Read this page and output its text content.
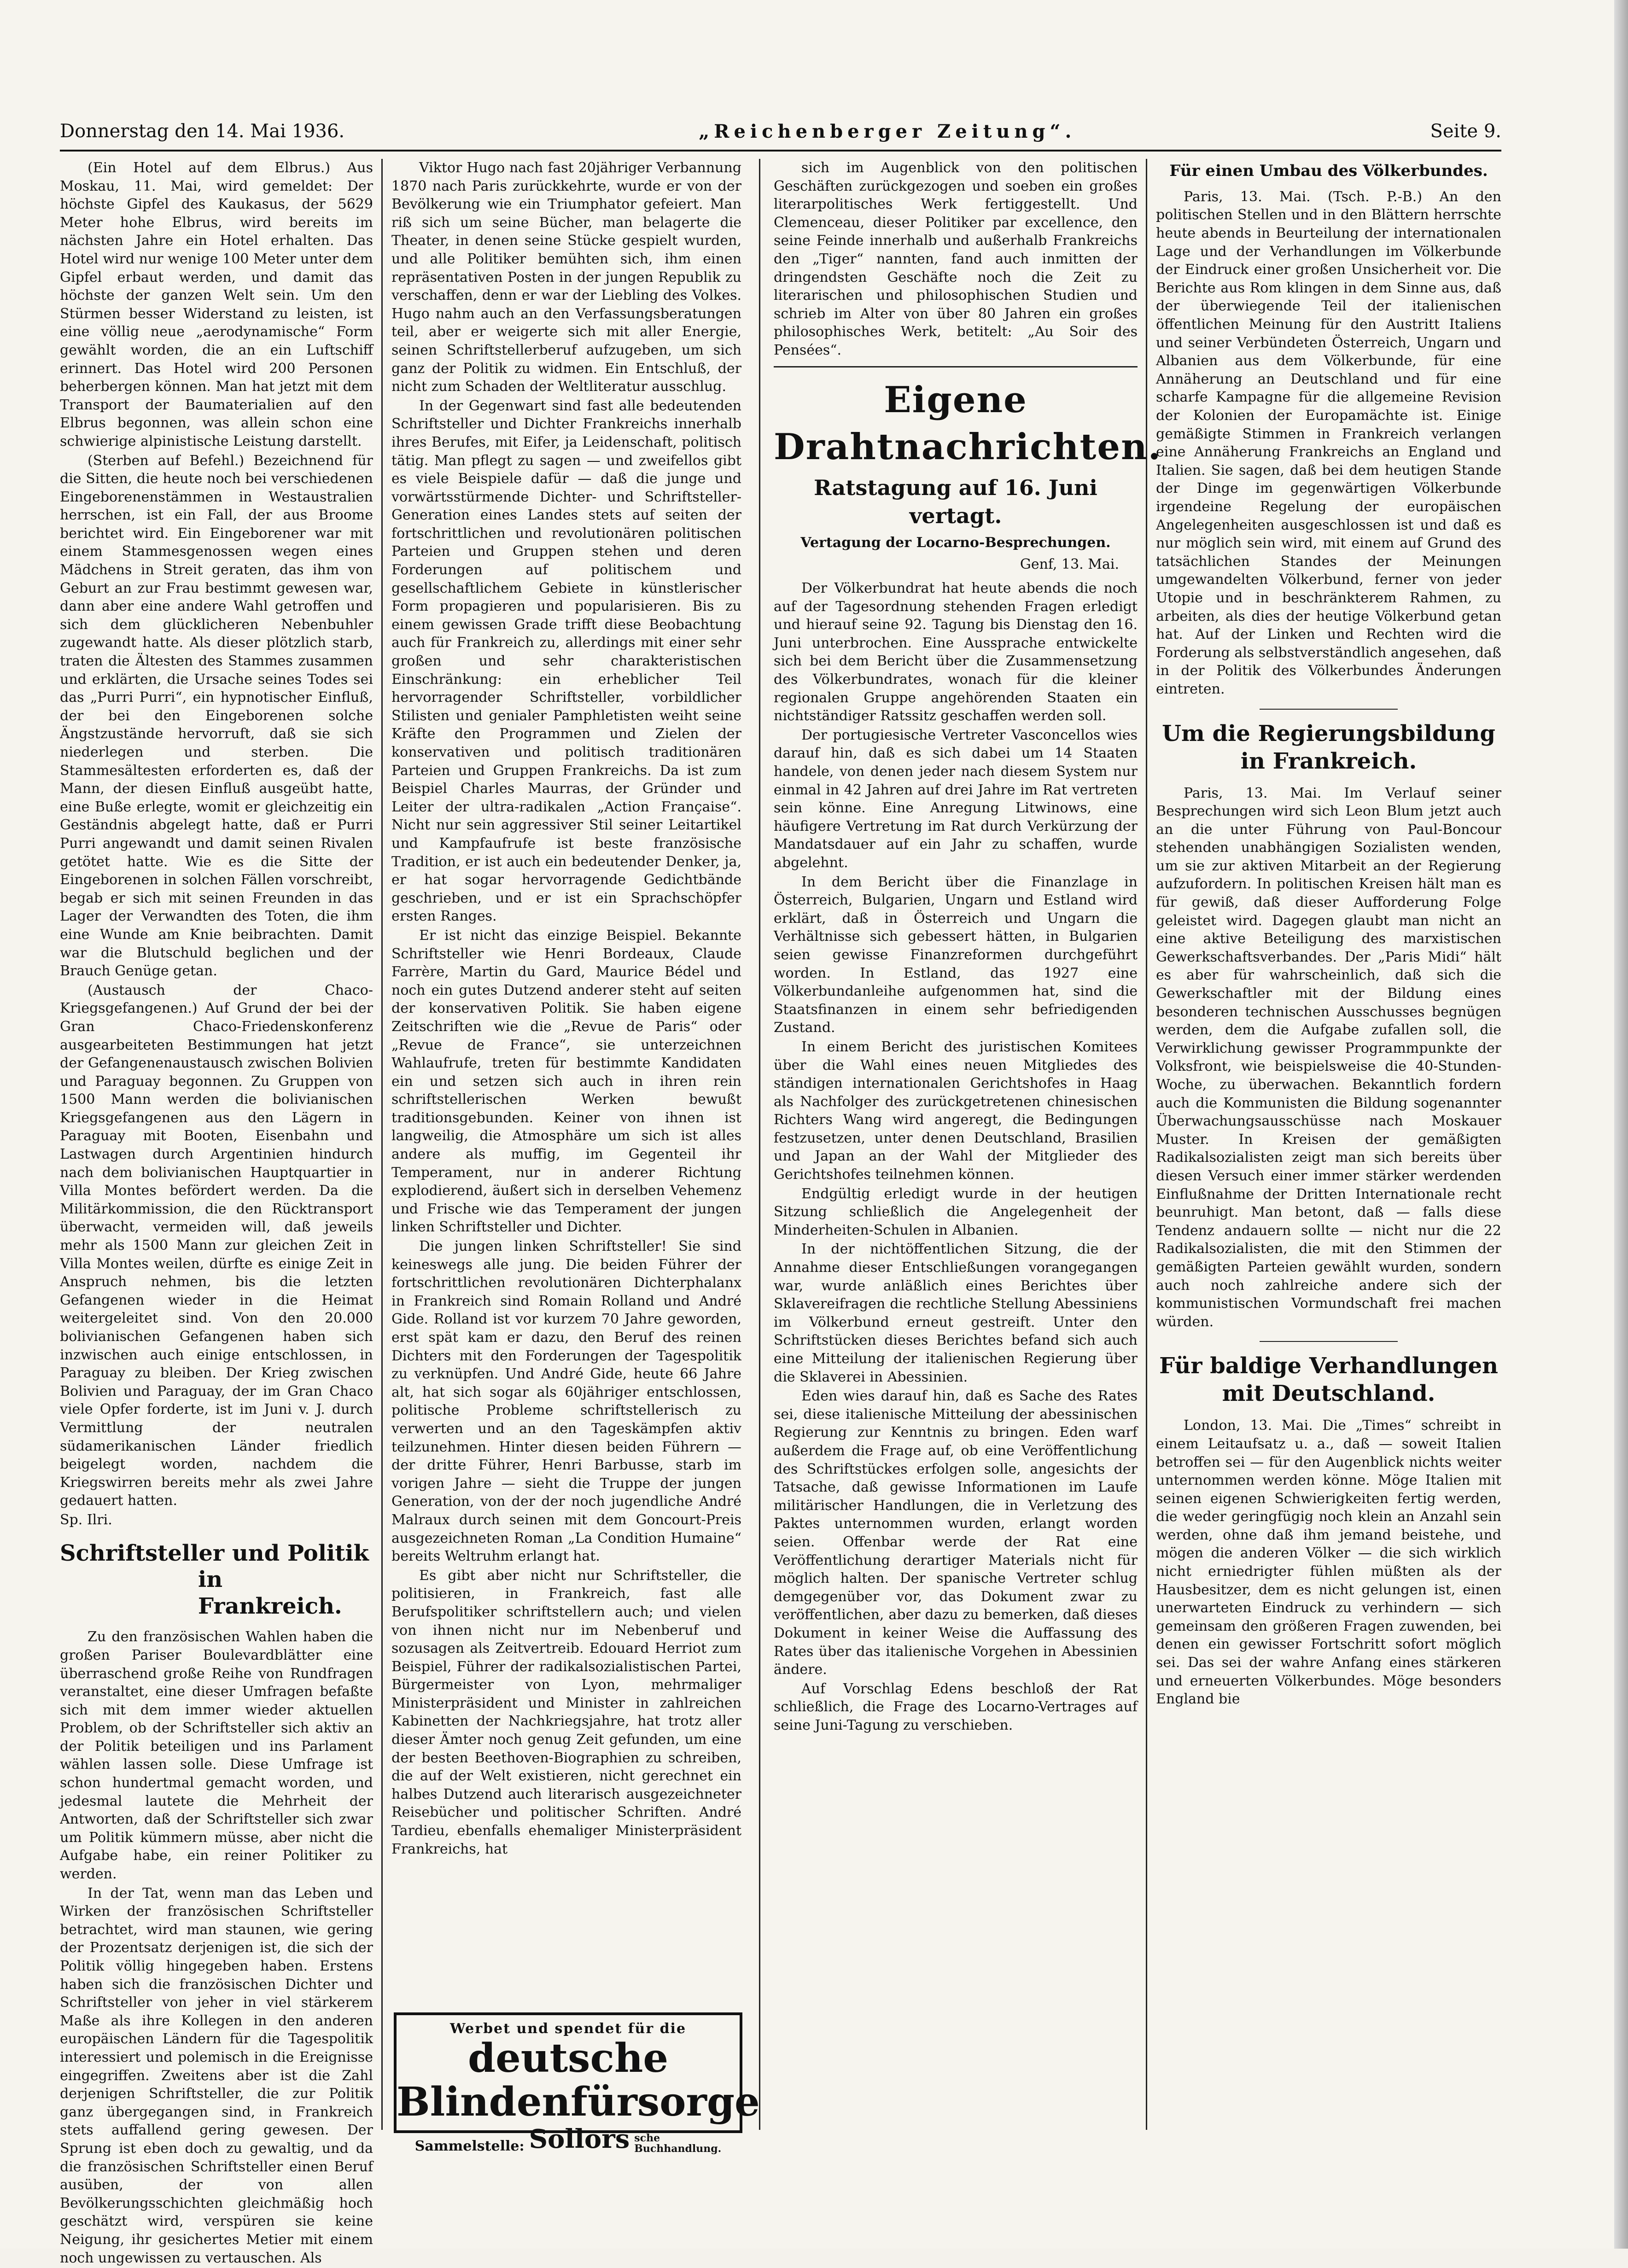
Donnerstag den 14. Mai 1936.	„Reichenberger Zeitung“.	Seite 9.

(Ein Hotel auf dem Elbrus.) Aus Moskau, 11. Mai, wird gemeldet: Der höchste Gipfel des Kaukasus, der 5629 Meter hohe Elbrus, wird bereits im nächsten Jahre ein Hotel erhalten. Das Hotel wird nur wenige 100 Meter unter dem Gipfel erbaut werden, und damit das höchste der ganzen Welt sein. Um den Stürmen besser Widerstand zu leisten, ist eine völlig neue „aerodynamische“ Form gewählt worden, die an ein Luftschiff erinnert. Das Hotel wird 200 Personen beherbergen können. Man hat jetzt mit dem Transport der Baumaterialien auf den Elbrus begonnen, was allein schon eine schwierige alpinistische Leistung darstellt.

(Sterben auf Befehl.) Bezeichnend für die Sitten, die heute noch bei verschiedenen Eingeborenenstämmen in Westaustralien herrschen, ist ein Fall, der aus Broome berichtet wird. Ein Eingeborener war mit einem Stammesgenossen wegen eines Mädchens in Streit geraten, das ihm von Geburt an zur Frau bestimmt gewesen war, dann aber eine andere Wahl getroffen und sich dem glücklicheren Nebenbuhler zugewandt hatte. Als dieser plötzlich starb, traten die Ältesten des Stammes zusammen und erklärten, die Ursache seines Todes sei das „Purri Purri“, ein hypnotischer Einfluß, der bei den Eingeborenen solche Ängstzustände hervorruft, daß sie sich niederlegen und sterben. Die Stammesältesten erforderten es, daß der Mann, der diesen Einfluß ausgeübt hatte, eine Buße erlegte, womit er gleichzeitig ein Geständnis abgelegt hatte, daß er Purri Purri angewandt und damit seinen Rivalen getötet hatte. Wie es die Sitte der Eingeborenen in solchen Fällen vorschreibt, begab er sich mit seinen Freunden in das Lager der Verwandten des Toten, die ihm eine Wunde am Knie beibrachten. Damit war die Blutschuld beglichen und der Brauch Genüge getan.

(Austausch der Chaco-Kriegsgefangenen.) Auf Grund der bei der Gran Chaco-Friedenskonferenz ausgearbeiteten Bestimmungen hat jetzt der Gefangenenaustausch zwischen Bolivien und Paraguay begonnen. Zu Gruppen von 1500 Mann werden die bolivianischen Kriegsgefangenen aus den Lägern in Paraguay mit Booten, Eisenbahn und Lastwagen durch Argentinien hindurch nach dem bolivianischen Hauptquartier in Villa Montes befördert werden. Da die Militärkommission, die den Rücktransport überwacht, vermeiden will, daß jeweils mehr als 1500 Mann zur gleichen Zeit in Villa Montes weilen, dürfte es einige Zeit in Anspruch nehmen, bis die letzten Gefangenen wieder in die Heimat weitergeleitet sind. Von den 20.000 bolivianischen Gefangenen haben sich inzwischen auch einige entschlossen, in Paraguay zu bleiben. Der Krieg zwischen Bolivien und Paraguay, der im Gran Chaco viele Opfer forderte, ist im Juni v. J. durch Vermittlung der neutralen südamerikanischen Länder friedlich beigelegt worden, nachdem die Kriegswirren bereits mehr als zwei Jahre gedauert hatten.

Sp. Ilri.
Schriftsteller und Politik
in Frankreich.

Zu den französischen Wahlen haben die großen Pariser Boulevardblätter eine überraschend große Reihe von Rundfragen veranstaltet, eine dieser Umfragen befaßte sich mit dem immer wieder aktuellen Problem, ob der Schriftsteller sich aktiv an der Politik beteiligen und ins Parlament wählen lassen solle. Diese Umfrage ist schon hundertmal gemacht worden, und jedesmal lautete die Mehrheit der Antworten, daß der Schriftsteller sich zwar um Politik kümmern müsse, aber nicht die Aufgabe habe, ein reiner Politiker zu werden.

In der Tat, wenn man das Leben und Wirken der französischen Schriftsteller betrachtet, wird man staunen, wie gering der Prozentsatz derjenigen ist, die sich der Politik völlig hingegeben haben. Erstens haben sich die französischen Dichter und Schriftsteller von jeher in viel stärkerem Maße als ihre Kollegen in den anderen europäischen Ländern für die Tagespolitik interessiert und polemisch in die Ereignisse eingegriffen. Zweitens aber ist die Zahl derjenigen Schriftsteller, die zur Politik ganz übergegangen sind, in Frankreich stets auffallend gering gewesen. Der Sprung ist eben doch zu gewaltig, und da die französischen Schriftsteller einen Beruf ausüben, der von allen Bevölkerungsschichten gleichmäßig hoch geschätzt wird, verspüren sie keine Neigung, ihr gesichertes Metier mit einem noch ungewissen zu vertauschen. Als

Viktor Hugo nach fast 20jähriger Verbannung 1870 nach Paris zurückkehrte, wurde er von der Bevölkerung wie ein Triumphator gefeiert. Man riß sich um seine Bücher, man belagerte die Theater, in denen seine Stücke gespielt wurden, und alle Politiker bemühten sich, ihm einen repräsentativen Posten in der jungen Republik zu verschaffen, denn er war der Liebling des Volkes. Hugo nahm auch an den Verfassungsberatungen teil, aber er weigerte sich mit aller Energie, seinen Schriftstellerberuf aufzugeben, um sich ganz der Politik zu widmen. Ein Entschluß, der nicht zum Schaden der Weltliteratur ausschlug.

In der Gegenwart sind fast alle bedeutenden Schriftsteller und Dichter Frankreichs innerhalb ihres Berufes, mit Eifer, ja Leidenschaft, politisch tätig. Man pflegt zu sagen — und zweifellos gibt es viele Beispiele dafür — daß die junge und vorwärtsstürmende Dichter- und Schriftsteller-Generation eines Landes stets auf seiten der fortschrittlichen und revolutionären politischen Parteien und Gruppen stehen und deren Forderungen auf politischem und gesellschaftlichem Gebiete in künstlerischer Form propagieren und popularisieren. Bis zu einem gewissen Grade trifft diese Beobachtung auch für Frankreich zu, allerdings mit einer sehr großen und sehr charakteristischen Einschränkung: ein erheblicher Teil hervorragender Schriftsteller, vorbildlicher Stilisten und genialer Pamphletisten weiht seine Kräfte den Programmen und Zielen der konservativen und politisch traditionären Parteien und Gruppen Frankreichs. Da ist zum Beispiel Charles Maurras, der Gründer und Leiter der ultra-radikalen „Action Française“. Nicht nur sein aggressiver Stil seiner Leitartikel und Kampfaufrufe ist beste französische Tradition, er ist auch ein bedeutender Denker, ja, er hat sogar hervorragende Gedichtbände geschrieben, und er ist ein Sprachschöpfer ersten Ranges.

Er ist nicht das einzige Beispiel. Bekannte Schriftsteller wie Henri Bordeaux, Claude Farrère, Martin du Gard, Maurice Bédel und noch ein gutes Dutzend anderer steht auf seiten der konservativen Politik. Sie haben eigene Zeitschriften wie die „Revue de Paris“ oder „Revue de France“, sie unterzeichnen Wahlaufrufe, treten für bestimmte Kandidaten ein und setzen sich auch in ihren rein schriftstellerischen Werken bewußt traditionsgebunden. Keiner von ihnen ist langweilig, die Atmosphäre um sich ist alles andere als muffig, im Gegenteil ihr Temperament, nur in anderer Richtung explodierend, äußert sich in derselben Vehemenz und Frische wie das Temperament der jungen linken Schriftsteller und Dichter.

Die jungen linken Schriftsteller! Sie sind keineswegs alle jung. Die beiden Führer der fortschrittlichen revolutionären Dichterphalanx in Frankreich sind Romain Rolland und André Gide. Rolland ist vor kurzem 70 Jahre geworden, erst spät kam er dazu, den Beruf des reinen Dichters mit den Forderungen der Tagespolitik zu verknüpfen. Und André Gide, heute 66 Jahre alt, hat sich sogar als 60jähriger entschlossen, politische Probleme schriftstellerisch zu verwerten und an den Tageskämpfen aktiv teilzunehmen. Hinter diesen beiden Führern — der dritte Führer, Henri Barbusse, starb im vorigen Jahre — sieht die Truppe der jungen Generation, von der der noch jugendliche André Malraux durch seinen mit dem Goncourt-Preis ausgezeichneten Roman „La Condition Humaine“ bereits Weltruhm erlangt hat.

Es gibt aber nicht nur Schriftsteller, die politisieren, in Frankreich, fast alle Berufspolitiker schriftstellern auch; und vielen von ihnen nicht nur im Nebenberuf und sozusagen als Zeitvertreib. Edouard Herriot zum Beispiel, Führer der radikalsozialistischen Partei, Bürgermeister von Lyon, mehrmaliger Ministerpräsident und Minister in zahlreichen Kabinetten der Nachkriegsjahre, hat trotz aller dieser Ämter noch genug Zeit gefunden, um eine der besten Beethoven-Biographien zu schreiben, die auf der Welt existieren, nicht gerechnet ein halbes Dutzend auch literarisch ausgezeichneter Reisebücher und politischer Schriften. André Tardieu, ebenfalls ehemaliger Ministerpräsident Frankreichs, hat

Werbet und spendet für die
deutsche Blindenfürsorge
Sammelstelle: Sollors sche
Buchhandlung.

sich im Augenblick von den politischen Geschäften zurückgezogen und soeben ein großes literarpolitisches Werk fertiggestellt. Und Clemenceau, dieser Politiker par excellence, den seine Feinde innerhalb und außerhalb Frankreichs den „Tiger“ nannten, fand auch inmitten der dringendsten Geschäfte noch die Zeit zu literarischen und philosophischen Studien und schrieb im Alter von über 80 Jahren ein großes philosophisches Werk, betitelt: „Au Soir des Pensées“.

Eigene Drahtnachrichten.
Ratstagung auf 16. Juni vertagt.
Vertagung der Locarno-Besprechungen.
Genf, 13. Mai.

Der Völkerbundrat hat heute abends die noch auf der Tagesordnung stehenden Fragen erledigt und hierauf seine 92. Tagung bis Dienstag den 16. Juni unterbrochen. Eine Aussprache entwickelte sich bei dem Bericht über die Zusammensetzung des Völkerbundrates, wonach für die kleiner regionalen Gruppe angehörenden Staaten ein nichtständiger Ratssitz geschaffen werden soll.

Der portugiesische Vertreter Vasconcellos wies darauf hin, daß es sich dabei um 14 Staaten handele, von denen jeder nach diesem System nur einmal in 42 Jahren auf drei Jahre im Rat vertreten sein könne. Eine Anregung Litwinows, eine häufigere Vertretung im Rat durch Verkürzung der Mandatsdauer auf ein Jahr zu schaffen, wurde abgelehnt.

In dem Bericht über die Finanzlage in Österreich, Bulgarien, Ungarn und Estland wird erklärt, daß in Österreich und Ungarn die Verhältnisse sich gebessert hätten, in Bulgarien seien gewisse Finanzreformen durchgeführt worden. In Estland, das 1927 eine Völkerbundanleihe aufgenommen hat, sind die Staatsfinanzen in einem sehr befriedigenden Zustand.

In einem Bericht des juristischen Komitees über die Wahl eines neuen Mitgliedes des ständigen internationalen Gerichtshofes in Haag als Nachfolger des zurückgetretenen chinesischen Richters Wang wird angeregt, die Bedingungen festzusetzen, unter denen Deutschland, Brasilien und Japan an der Wahl der Mitglieder des Gerichtshofes teilnehmen können.

Endgültig erledigt wurde in der heutigen Sitzung schließlich die Angelegenheit der Minderheiten-Schulen in Albanien.

In der nichtöffentlichen Sitzung, die der Annahme dieser Entschließungen vorangegangen war, wurde anläßlich eines Berichtes über Sklavereifragen die rechtliche Stellung Abessiniens im Völkerbund erneut gestreift. Unter den Schriftstücken dieses Berichtes befand sich auch eine Mitteilung der italienischen Regierung über die Sklaverei in Abessinien.

Eden wies darauf hin, daß es Sache des Rates sei, diese italienische Mitteilung der abessinischen Regierung zur Kenntnis zu bringen. Eden warf außerdem die Frage auf, ob eine Veröffentlichung des Schriftstückes erfolgen solle, angesichts der Tatsache, daß gewisse Informationen im Laufe militärischer Handlungen, die in Verletzung des Paktes unternommen wurden, erlangt worden seien. Offenbar werde der Rat eine Veröffentlichung derartiger Materials nicht für möglich halten. Der spanische Vertreter schlug demgegenüber vor, das Dokument zwar zu veröffentlichen, aber dazu zu bemerken, daß dieses Dokument in keiner Weise die Auffassung des Rates über das italienische Vorgehen in Abessinien ändere.

Auf Vorschlag Edens beschloß der Rat schließlich, die Frage des Locarno-Vertrages auf seine Juni-Tagung zu verschieben.

Für einen Umbau des Völkerbundes.

Paris, 13. Mai. (Tsch. P.-B.) An den politischen Stellen und in den Blättern herrschte heute abends in Beurteilung der internationalen Lage und der Verhandlungen im Völkerbunde der Eindruck einer großen Unsicherheit vor. Die Berichte aus Rom klingen in dem Sinne aus, daß der überwiegende Teil der italienischen öffentlichen Meinung für den Austritt Italiens und seiner Verbündeten Österreich, Ungarn und Albanien aus dem Völkerbunde, für eine Annäherung an Deutschland und für eine scharfe Kampagne für die allgemeine Revision der Kolonien der Europamächte ist. Einige gemäßigte Stimmen in Frankreich verlangen eine Annäherung Frankreichs an England und Italien. Sie sagen, daß bei dem heutigen Stande der Dinge im gegenwärtigen Völkerbunde irgendeine Regelung der europäischen Angelegenheiten ausgeschlossen ist und daß es nur möglich sein wird, mit einem auf Grund des tatsächlichen Standes der Meinungen umgewandelten Völkerbund, ferner von jeder Utopie und in beschränkterem Rahmen, zu arbeiten, als dies der heutige Völkerbund getan hat. Auf der Linken und Rechten wird die Forderung als selbstverständlich angesehen, daß in der Politik des Völkerbundes Änderungen eintreten.

Um die Regierungsbildung
in Frankreich.

Paris, 13. Mai. Im Verlauf seiner Besprechungen wird sich Leon Blum jetzt auch an die unter Führung von Paul-Boncour stehenden unabhängigen Sozialisten wenden, um sie zur aktiven Mitarbeit an der Regierung aufzufordern. In politischen Kreisen hält man es für gewiß, daß dieser Aufforderung Folge geleistet wird. Dagegen glaubt man nicht an eine aktive Beteiligung des marxistischen Gewerkschaftsverbandes. Der „Paris Midi“ hält es aber für wahrscheinlich, daß sich die Gewerkschaftler mit der Bildung eines besonderen technischen Ausschusses begnügen werden, dem die Aufgabe zufallen soll, die Verwirklichung gewisser Programmpunkte der Volksfront, wie beispielsweise die 40-Stunden-Woche, zu überwachen. Bekanntlich fordern auch die Kommunisten die Bildung sogenannter Überwachungsausschüsse nach Moskauer Muster. In Kreisen der gemäßigten Radikalsozialisten zeigt man sich bereits über diesen Versuch einer immer stärker werdenden Einflußnahme der Dritten Internationale recht beunruhigt. Man betont, daß — falls diese Tendenz andauern sollte — nicht nur die 22 Radikalsozialisten, die mit den Stimmen der gemäßigten Parteien gewählt wurden, sondern auch noch zahlreiche andere sich der kommunistischen Vormundschaft frei machen würden.

Für baldige Verhandlungen
mit Deutschland.

London, 13. Mai. Die „Times“ schreibt in einem Leitaufsatz u. a., daß — soweit Italien betroffen sei — für den Augenblick nichts weiter unternommen werden könne. Möge Italien mit seinen eigenen Schwierigkeiten fertig werden, die weder geringfügig noch klein an Anzahl sein werden, ohne daß ihm jemand beistehe, und mögen die anderen Völker — die sich wirklich nicht erniedrigter fühlen müßten als der Hausbesitzer, dem es nicht gelungen ist, einen unerwarteten Eindruck zu verhindern — sich gemeinsam den größeren Fragen zuwenden, bei denen ein gewisser Fortschritt sofort möglich sei. Das sei der wahre Anfang eines stärkeren und erneuerten Völkerbundes. Möge besonders England bie
